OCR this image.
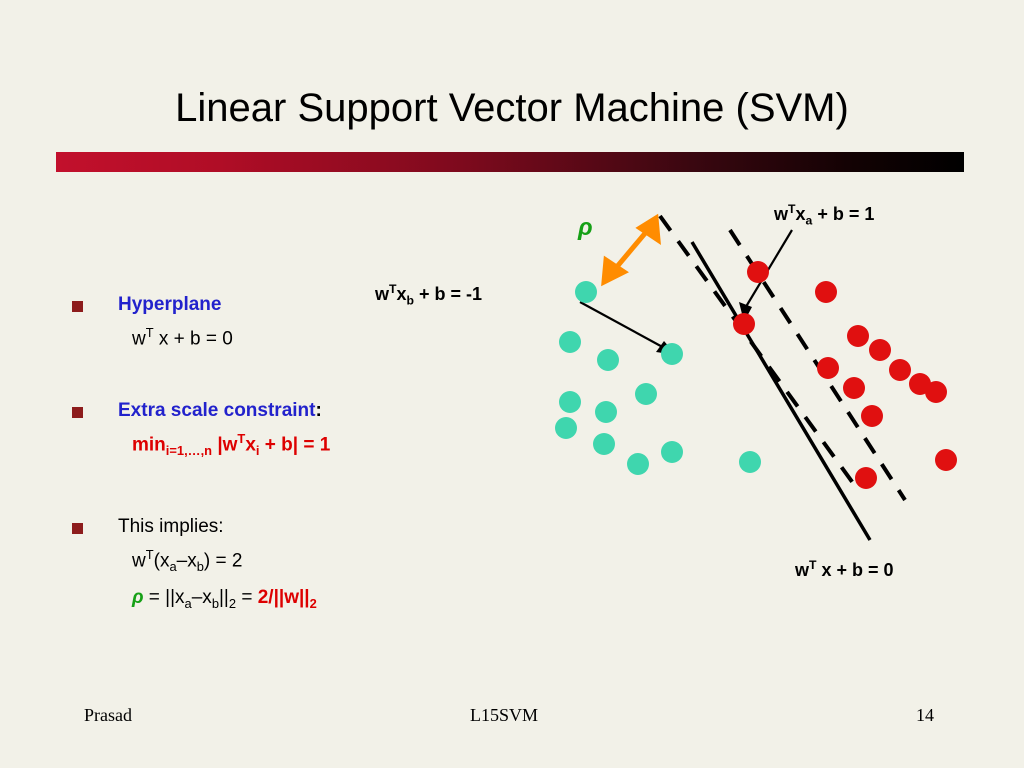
Linear Support Vector Machine (SVM)
Hyperplane
$w^T$ x + b = 0
Extra scale constraint:
$\min_{i=1,\dots,n} |w^Tx_i + b| = 1$
This implies:
$w^T(x_a-x_b) = 2$
$\rho = ||x_a-x_b||_2 = 2/||w||_2$
$w^Tx_a + b = 1$
$w^Tx_b + b = -1$
$w^T$ x + b = 0
ρ
Prasad	L15SVM	14
